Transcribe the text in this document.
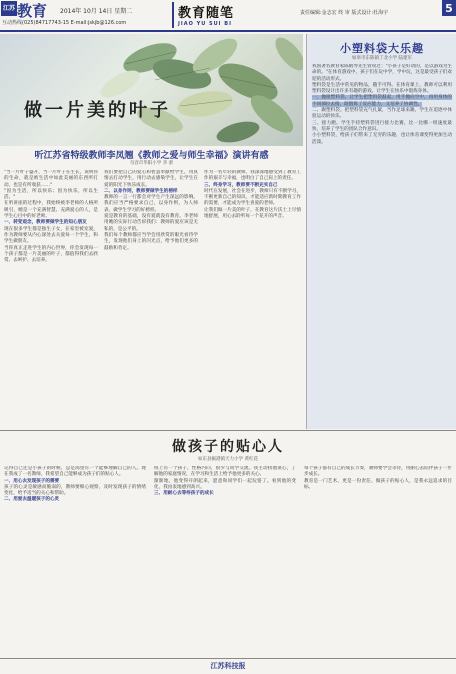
江苏 教育 2014年 10月 14日 星期二
互动热线(025)84717743-15 E-mail:jskjb@126.com
教育随笔
JIAO YU SUI BI
责任编辑:金志宏 终 审 版式设计:杜海宇	5
做一片美的叶子
听江苏省特级教师李凤翘《教师之爱与师生幸福》演讲有感
句容市华阳小学 李 蕾
"当一片叶子盛开，当一片叶子在生长，说明你的生命，就是被生活中如此美丽的东西所打动。也是有所收获……"
"因为生活，所以快乐；因为快乐，所以生活。"
在听讲座的过程中，我始终被李老师的人格所吸引，她是一个充满智慧、充满爱心的人，是学生心目中的好老师。

一、转变观念，教师要做学生的知心朋友
现在很多学生都是独生子女，在家里被宠爱，作为教师要从内心深处去关爱每一个学生，和学生做朋友。
当你真正走进学生的内心世界，你会发现每一个孩子都是一片美丽的叶子，都值得我们去欣赏、去呵护、去培养。
我们要把自己的爱心和智慧奉献给学生，用真情去打动学生，用行动去感染学生，让学生在爱的阳光下快乐成长。

二、以身作则，教师要做学生的榜样
教师的一言一行都会对学生产生深远的影响。我们应当严格要求自己，以身作则，为人师表，做学生学习的好榜样。
爱是教育的基础，没有爱就没有教育。李老师用她的实际行动告诉我们：教师的爱应该是无私的，是公平的。
我们每个教师都应当学会用欣赏的眼光看待学生，发现他们身上的闪光点，给予他们更多的鼓励和肯定。
作为一名年轻的教师，我深深地感受到了教育工作的艰辛与幸福，也明白了自己肩上的责任。

三、终身学习，教师要不断充实自己
时代在发展，社会在进步，教师只有不断学习，不断更新自己的知识，才能适应新时期教育工作的需要，才能成为学生喜爱的老师。
让我们做一片美的叶子，在教育这片沃土上尽情地舒展，用心去聆听每一个花开的声音。
小塑料袋大乐趣
如皋市东陈镇丁北小学 陆建军
我国著名教育家陈鹤琴先生曾说过："小孩子是好动的，是以游戏为生命的。"在体育游戏中，孩子们在玩中学，学中玩，这是最受孩子们欢迎的活动形式。
塑料袋是生活中常见的物品，随手可得。在体育课上，教师可以利用塑料袋设计出许多有趣的游戏，让学生在快乐中锻炼身体。
一、抛接塑料袋。让学生把塑料袋鼓起，用手抛向空中，再用身体的不同部位去接，既锻炼了反应能力，又培养了协调性。
二、踢塑料袋。把塑料袋充气扎紧，当作足球来踢，学生在追逐中体验运动的快乐。
三、接力跑。学生手持塑料袋进行接力比赛，比一比哪一组速度最快，培养了学生的团队合作意识。
小小塑料袋，给孩子们带来了无穷的乐趣，也让体育课变得更加生动活泼。
做孩子的贴心人
如东县掘港镇天力小学 黄红花
记得自己还是小孩子的时候，总是渴望有一个能够理解自己的人。现在我成了一名教师，我希望自己能够成为孩子们的贴心人。

一、用心去发现孩子的需要
孩子的心灵是敏感而脆弱的，教师要细心观察，及时发现孩子的情绪变化，给予适当的关心和帮助。

二、用爱去温暖孩子的心灵
班上有一个孩子，性格内向，很少与同学交流。我主动找他谈心，了解他的家庭情况，在学习和生活上给予他更多的关心。
渐渐地，他变得开朗起来，愿意和同学们一起玩耍了。看到他的变化，我由衷地感到高兴。

三、用耐心去等待孩子的成长
每个孩子都有自己的成长节奏，教师要学会等待，用耐心去陪伴孩子一步步成长。
教育是一门艺术，更是一份责任。做孩子的贴心人，是我永远追求的目标。
江苏科技报
